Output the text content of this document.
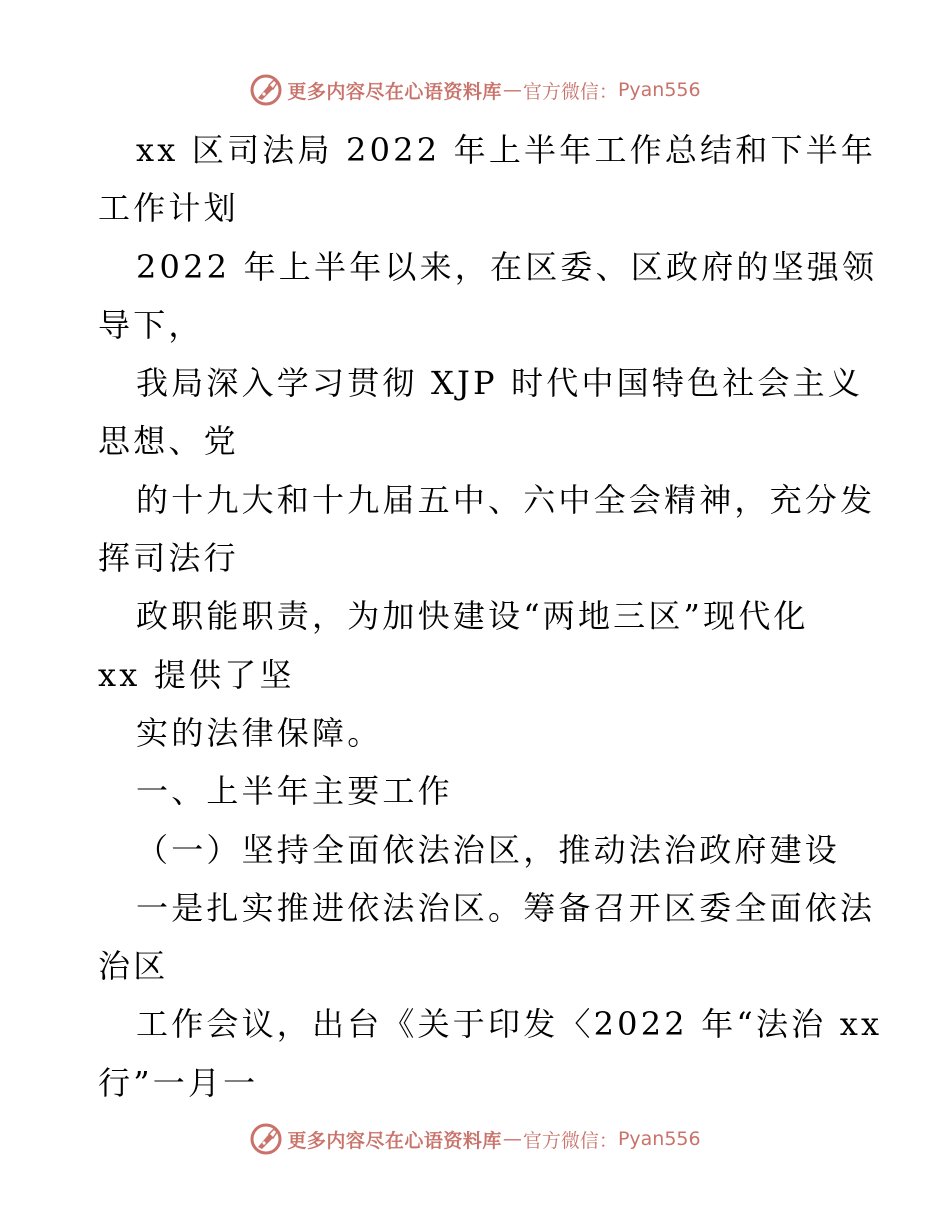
更多内容尽在心语资料库 — 官方微信： Pyan556
xx 区司法局 2022 年上半年工作总结和下半年
工作计划
2022 年上半年以来，在区委、区政府的坚强领
导下，
我局深入学习贯彻 XJP 时代中国特色社会主义
思想、党
的十九大和十九届五中、六中全会精神，充分发
挥司法行
政职能职责，为加快建设“两地三区”现代化
xx 提供了坚
实的法律保障。
一、上半年主要工作
（一）坚持全面依法治区，推动法治政府建设
一是扎实推进依法治区。筹备召开区委全面依法
治区
工作会议，出台《关于印发〈2022 年“法治 xx
行”一月一
更多内容尽在心语资料库 — 官方微信： Pyan556
